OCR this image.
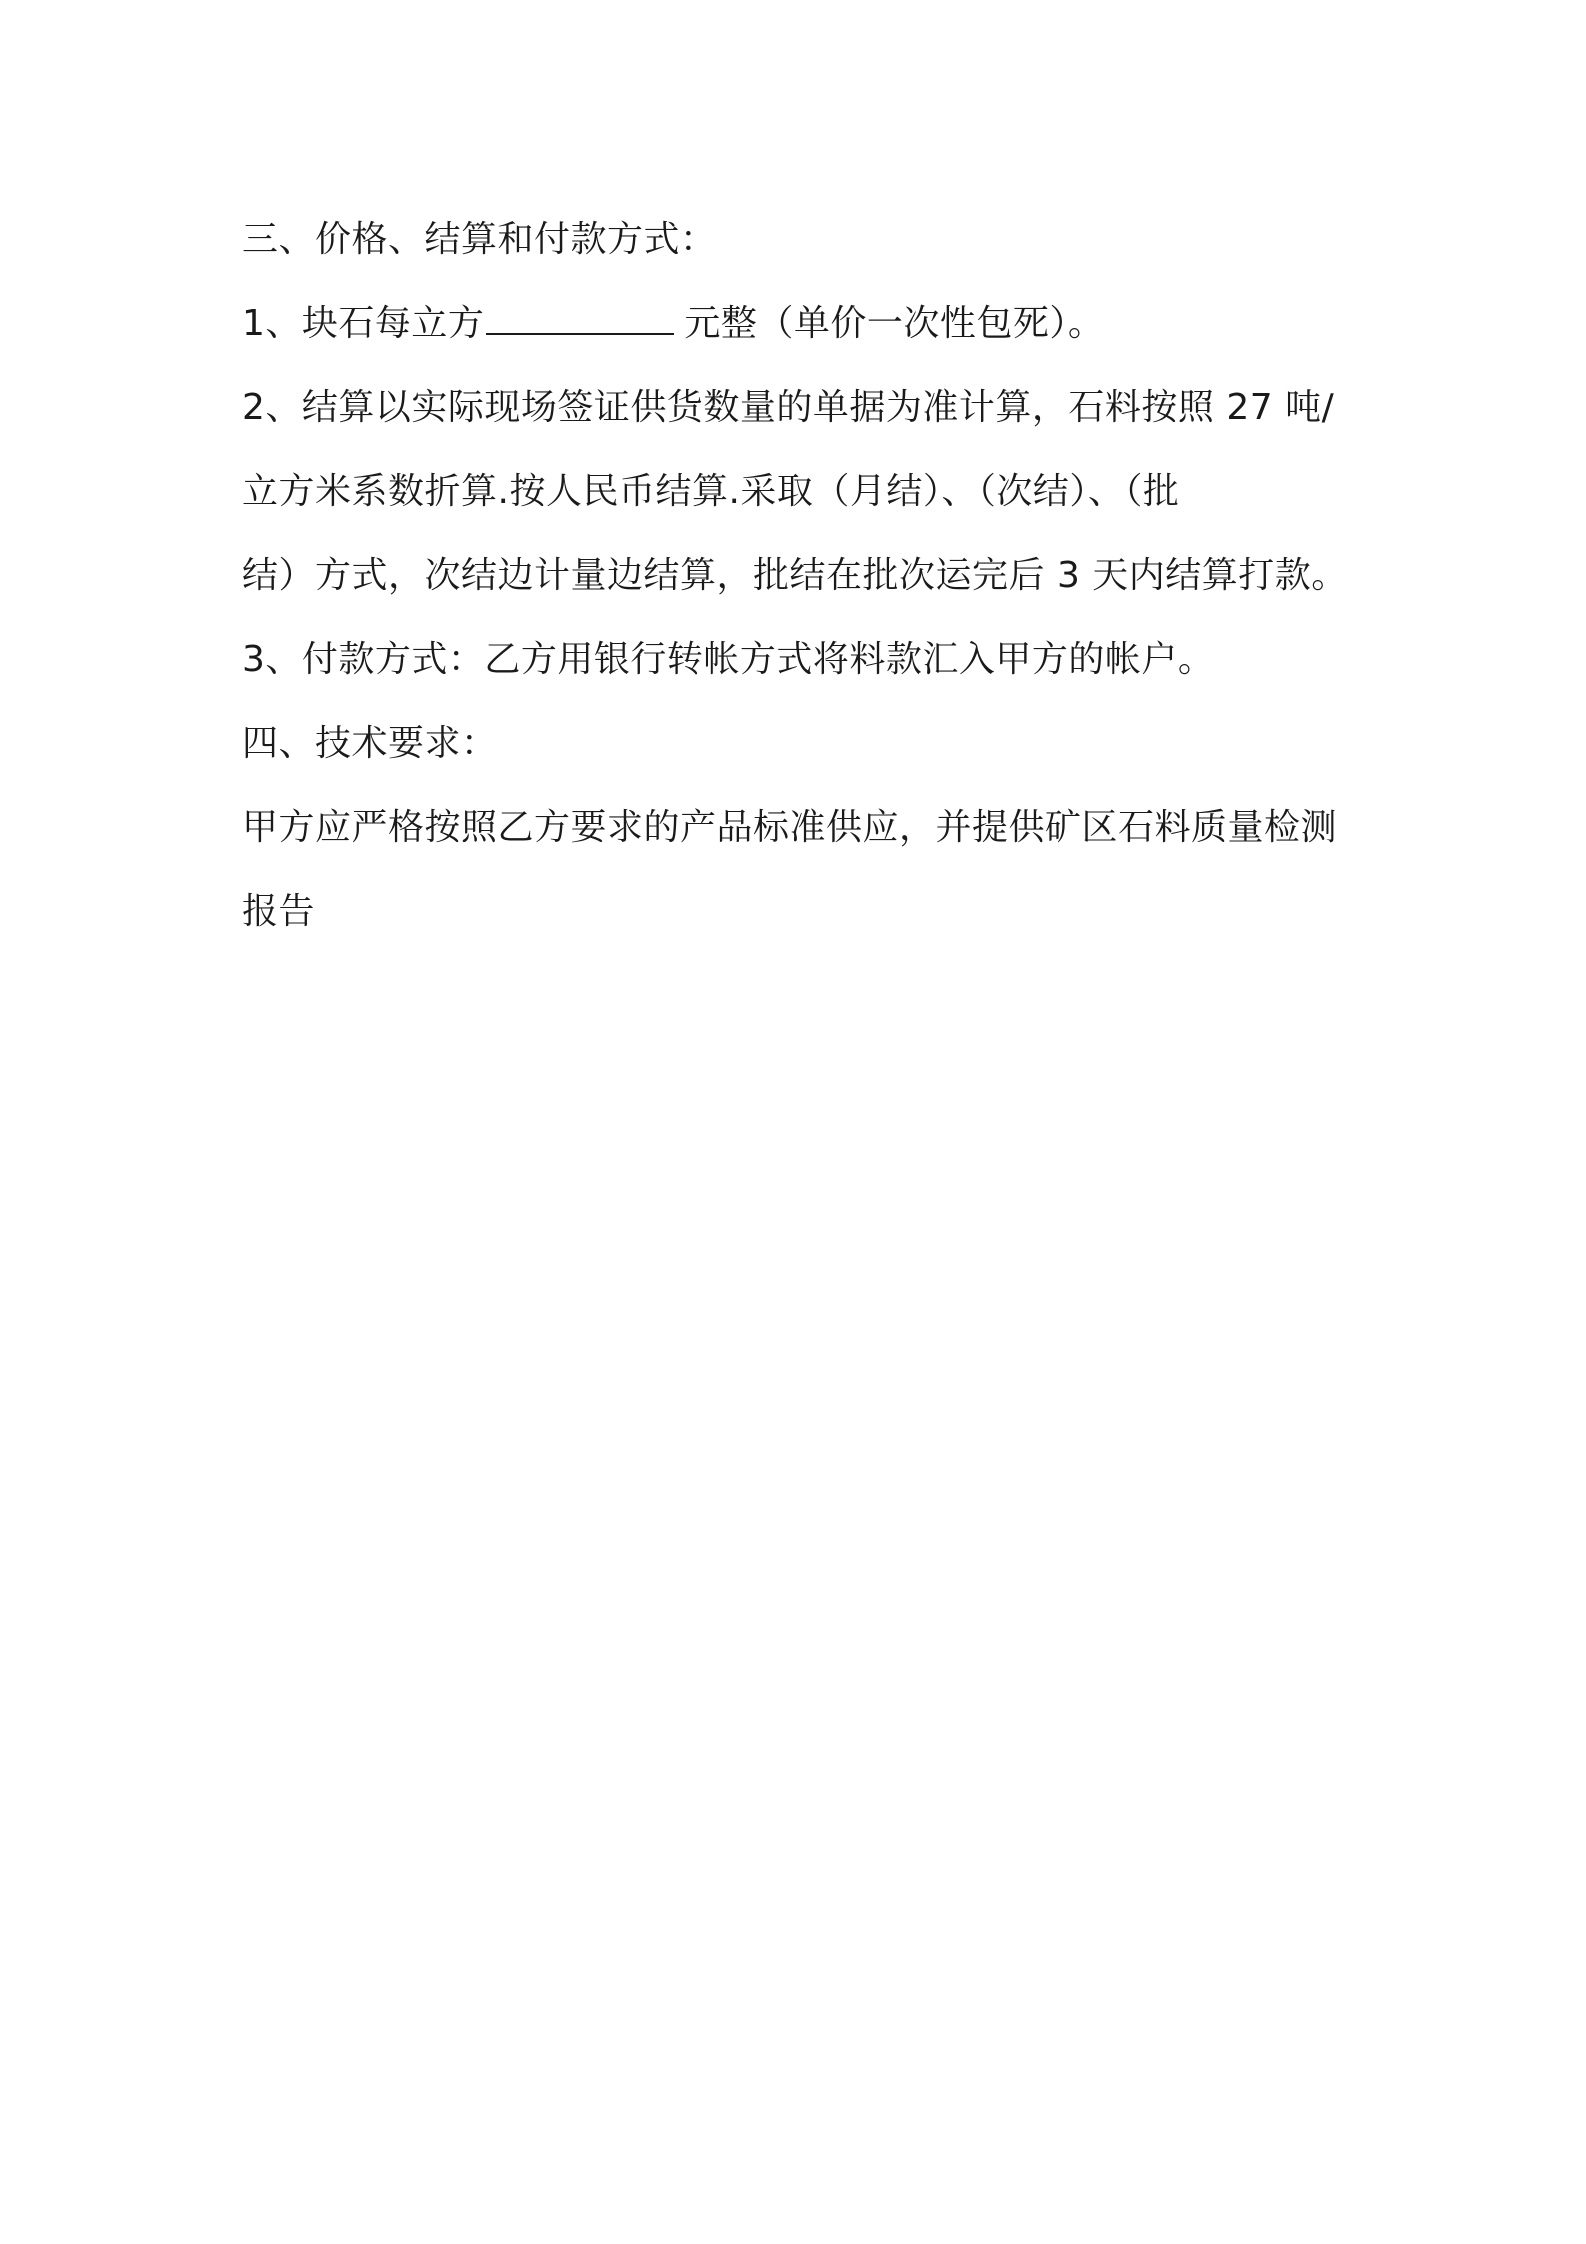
三、价格、结算和付款方式：

1、块石每立方	元整（单价一次性包死）。

2、结算以实际现场签证供货数量的单据为准计算，石料按照 27 吨/

立方米系数折算.按人民币结算.采取（月结）、（次结）、（批

结）方式，次结边计量边结算，批结在批次运完后 3 天内结算打款。

3、付款方式：乙方用银行转帐方式将料款汇入甲方的帐户。

四、技术要求：

甲方应严格按照乙方要求的产品标准供应，并提供矿区石料质量检测

报告
